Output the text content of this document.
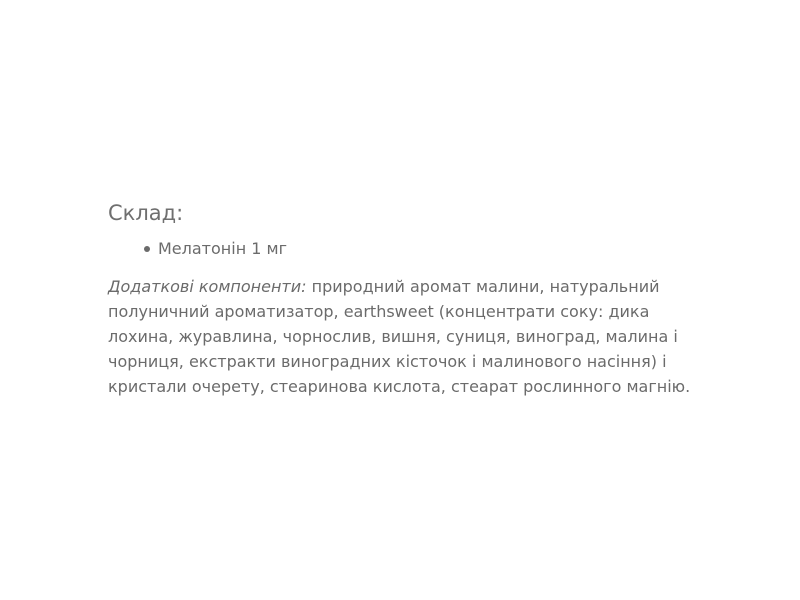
Склад:
Мелатонін 1 мг

Додаткові компоненти: природний аромат малини, натуральний полуничний ароматизатор, earthsweet (концентрати соку: дика лохина, журавлина, чорнослив, вишня, суниця, виноград, малина і чорниця, екстракти виноградних кісточок і малинового насіння) і кристали очерету, стеаринова кислота, стеарат рослинного магнію.
